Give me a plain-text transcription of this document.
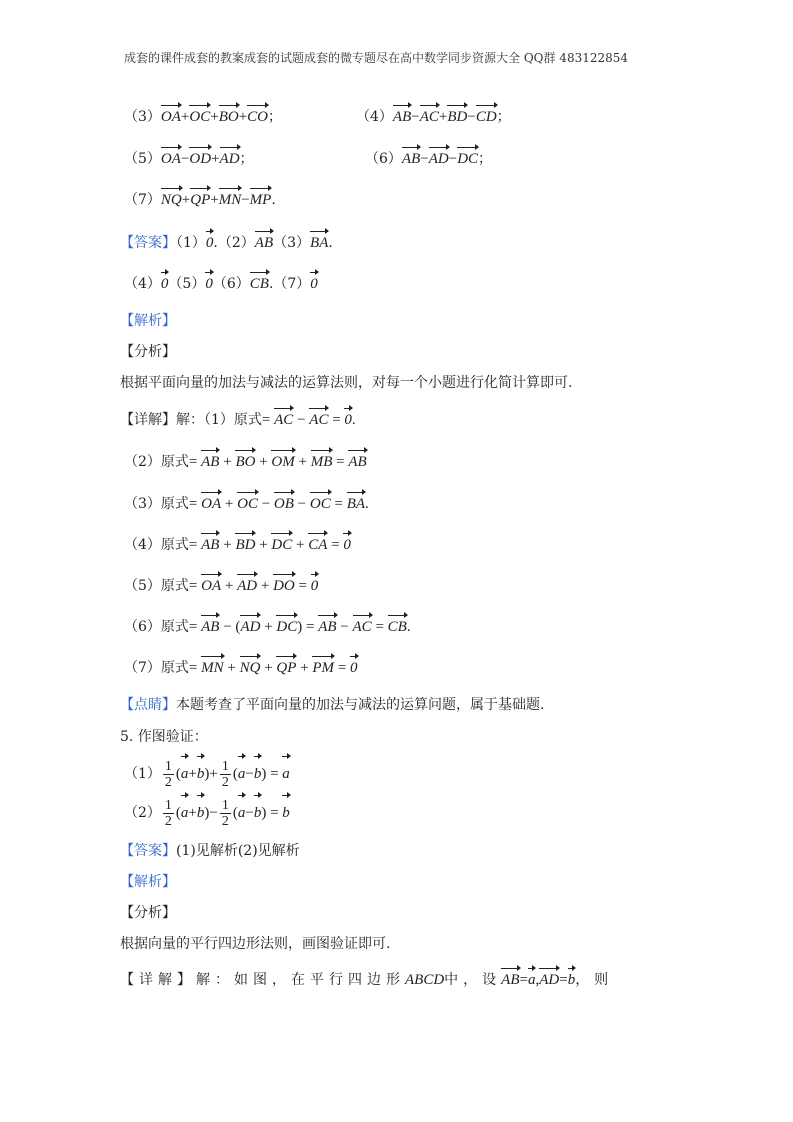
成套的课件成套的教案成套的试题成套的微专题尽在高中数学同步资源大全 QQ群 483122854
（3）OA+OC+BO+CO；	（4）AB−AC+BD−CD；
（5）OA−OD+AD；	（6）AB−AD−DC；
（7）NQ+QP+MN−MP.
【答案】（1）0.（2）AB（3）BA.
（4）0（5）0（6）CB.（7）0
【解析】
【分析】
根据平面向量的加法与减法的运算法则，对每一个小题进行化简计算即可.
【详解】解：（1）原式= AC − AC = 0.
（2）原式= AB + BO + OM + MB = AB
（3）原式= OA + OC − OB − OC = BA.
（4）原式= AB + BD + DC + CA = 0
（5）原式= OA + AD + DO = 0
（6）原式= AB − (AD + DC) = AB − AC = CB.
（7）原式= MN + NQ + QP + PM = 0
【点睛】本题考查了平面向量的加法与减法的运算问题，属于基础题.
5. 作图验证：
$(1) \frac{1}{2} (a+b)+ \frac{1}{2} (a-b) = a$
$(2) \frac{1}{2} (a+b)- \frac{1}{2} (a-b) = b$
【答案】(1)见解析(2)见解析
【解析】
【分析】
根据向量的平行四边形法则，画图验证即可.
【详解】解：如图，在平行四边形ABCD中，设AB=a,AD=b，则
